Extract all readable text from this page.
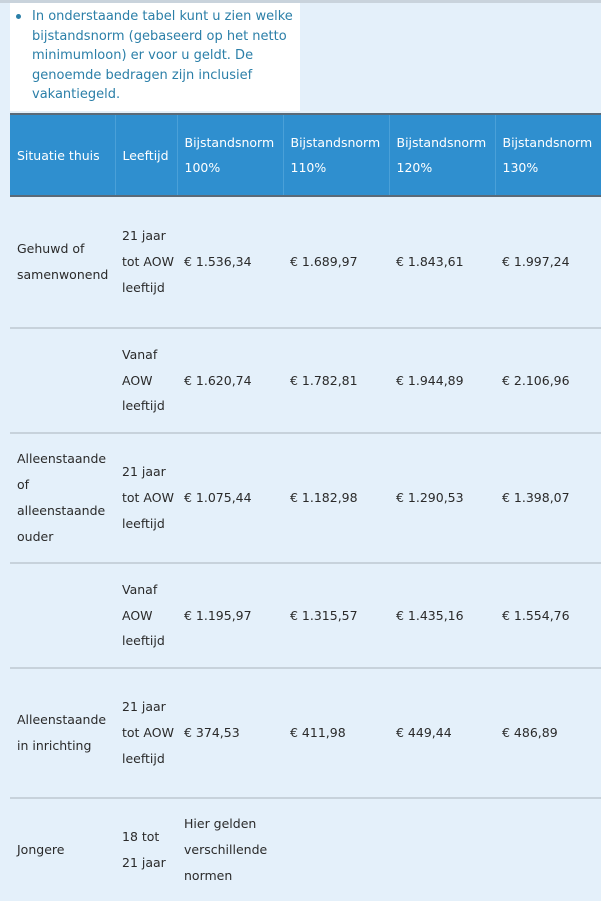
In onderstaande tabel kunt u zien welke bijstandsnorm (gebaseerd op het netto minimumloon) er voor u geldt. De genoemde bedragen zijn inclusief vakantiegeld.
Situatie thuis	Leeftijd	Bijstandsnorm 100%	Bijstandsnorm 110%	Bijstandsnorm 120%	Bijstandsnorm 130%
Gehuwd of samenwonend	21 jaar tot AOW leeftijd	€ 1.536,34	€ 1.689,97	€ 1.843,61	€ 1.997,24
	Vanaf AOW leeftijd	€ 1.620,74	€ 1.782,81	€ 1.944,89	€ 2.106,96
Alleenstaande of alleenstaande ouder	21 jaar tot AOW leeftijd	€ 1.075,44	€ 1.182,98	€ 1.290,53	€ 1.398,07
	Vanaf AOW leeftijd	€ 1.195,97	€ 1.315,57	€ 1.435,16	€ 1.554,76
Alleenstaande in inrichting	21 jaar tot AOW leeftijd	€ 374,53	€ 411,98	€ 449,44	€ 486,89
Jongere	18 tot 21 jaar	Hier gelden verschillende normen			
